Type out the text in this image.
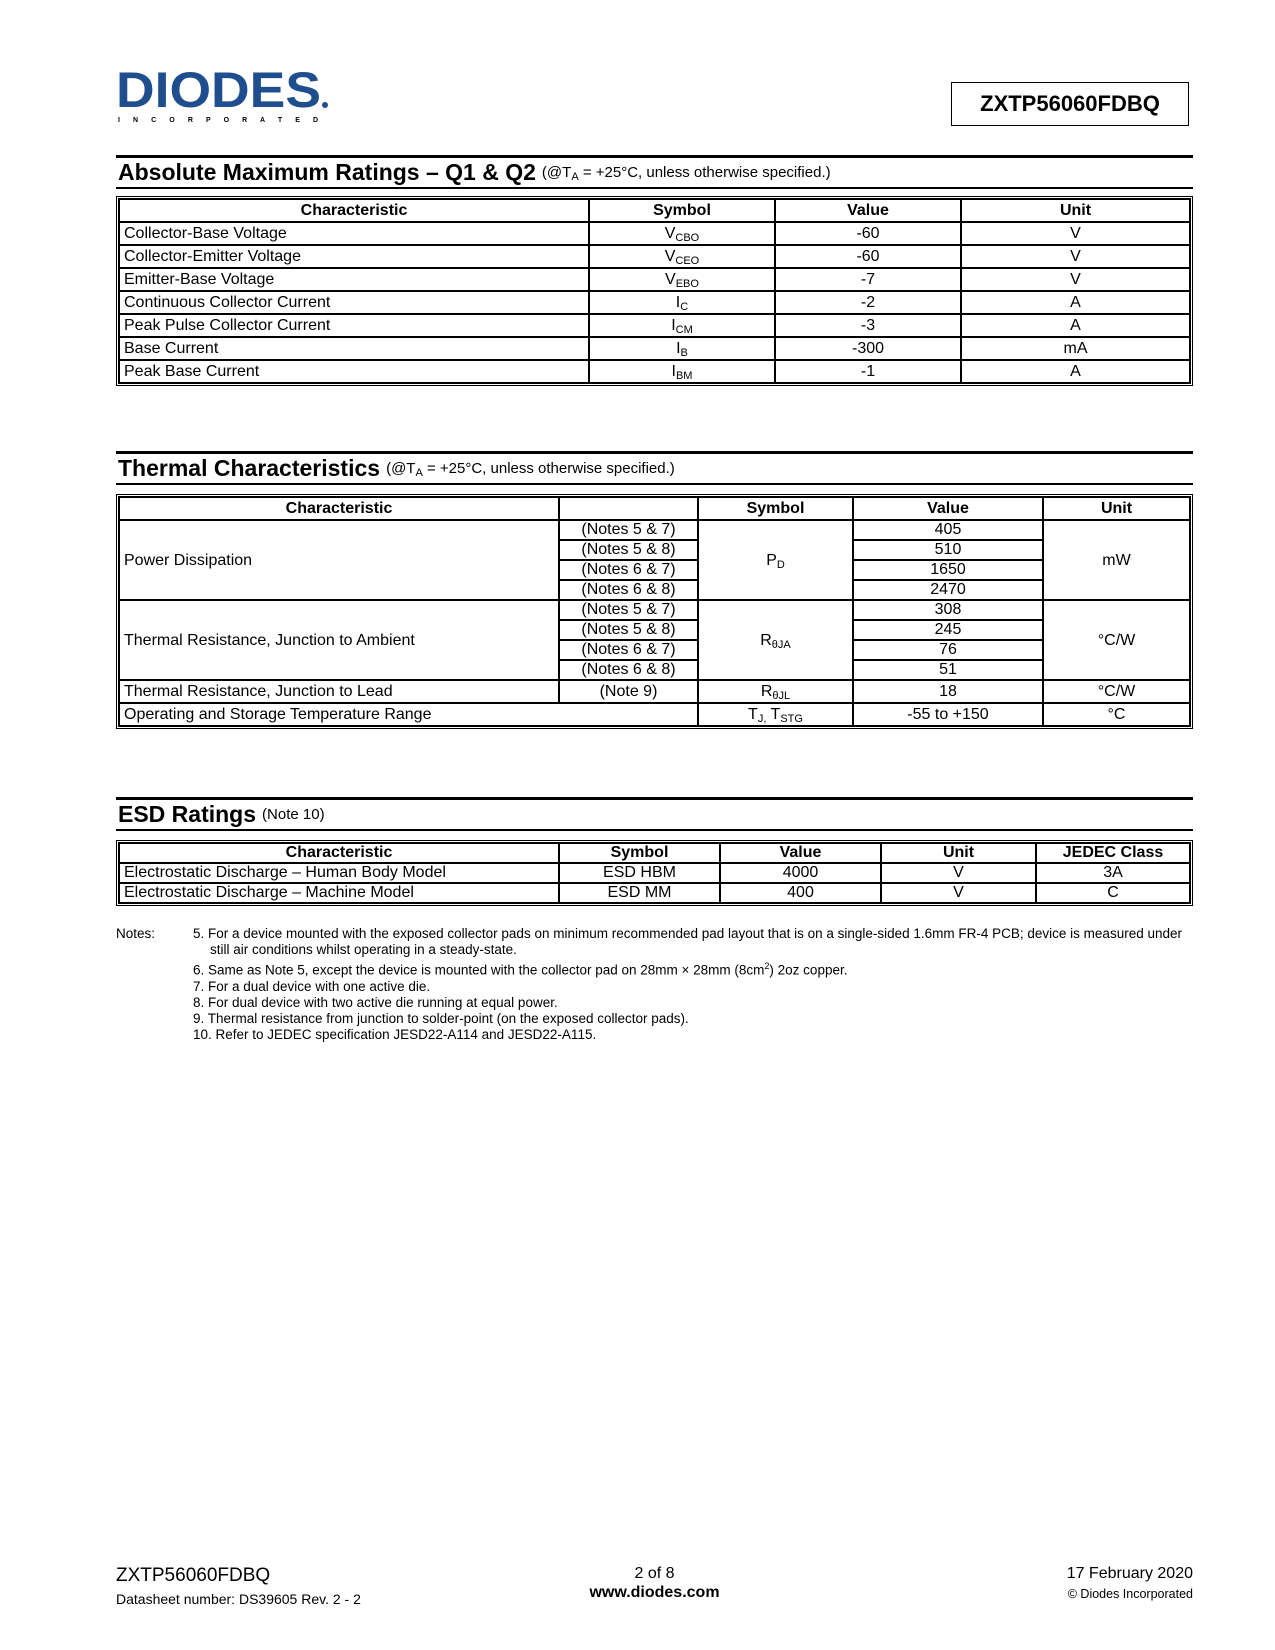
DIODES
I N C O R P O R A T E D
ZXTP56060FDBQ
Absolute Maximum Ratings – Q1 & Q2 ($@T_A = +25^\circ C$, unless otherwise specified.)
Characteristic	Symbol	Value	Unit
Collector-Base Voltage	$V_{CBO}$	-60	V
Collector-Emitter Voltage	$V_{CEO}$	-60	V
Emitter-Base Voltage	$V_{EBO}$	-7	V
Continuous Collector Current	$I_C$	-2	A
Peak Pulse Collector Current	$I_{CM}$	-3	A
Base Current	$I_B$	-300	mA
Peak Base Current	$I_{BM}$	-1	A
Thermal Characteristics ($@T_A = +25^\circ C$, unless otherwise specified.)
Characteristic		Symbol	Value	Unit
Power Dissipation	(Notes 5 & 7)	$P_D$	405	mW
	(Notes 5 & 8)		510	
	(Notes 6 & 7)		1650	
	(Notes 6 & 8)		2470	
Thermal Resistance, Junction to Ambient	(Notes 5 & 7)	$R_{\theta JA}$	308	°C/W
	(Notes 5 & 8)		245	
	(Notes 6 & 7)		76	
	(Notes 6 & 8)		51	
Thermal Resistance, Junction to Lead	(Note 9)	$R_{\theta JL}$	18	°C/W
Operating and Storage Temperature Range		$T_{J,}$ $T_{STG}$	-55 to +150	°C
ESD Ratings (Note 10)
Characteristic	Symbol	Value	Unit	JEDEC Class
Electrostatic Discharge – Human Body Model	ESD HBM	4000	V	3A
Electrostatic Discharge – Machine Model	ESD MM	400	V	C
Notes:	5. For a device mounted with the exposed collector pads on minimum recommended pad layout that is on a single-sided 1.6mm FR-4 PCB; device is measured under still air conditions whilst operating in a steady-state.
6. Same as Note 5, except the device is mounted with the collector pad on 28mm × 28mm $(8cm^2)$ 2oz copper.
7. For a dual device with one active die.
8. For dual device with two active die running at equal power.
9. Thermal resistance from junction to solder-point (on the exposed collector pads).
10. Refer to JEDEC specification JESD22-A114 and JESD22-A115.
ZXTP56060FDBQ
Datasheet number: DS39605 Rev. 2 - 2
2 of 8
www.diodes.com
17 February 2020
© Diodes Incorporated
